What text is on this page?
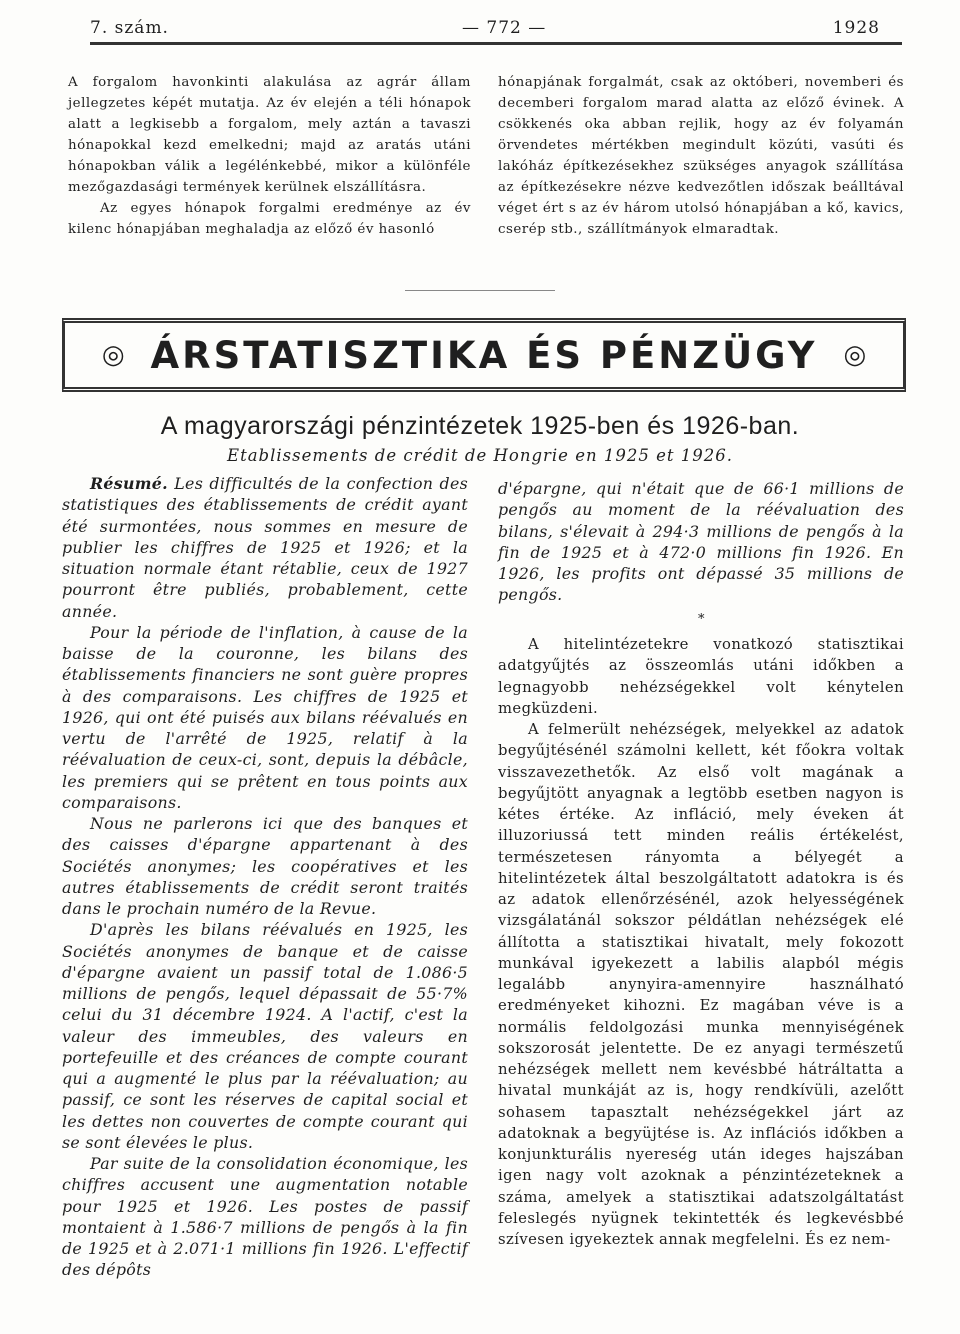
7. szám.	— 772 —	1928

A forgalom havonkinti alakulása az agrár állam jellegzetes képét mutatja. Az év elején a téli hónapok alatt a legkisebb a forgalom, mely aztán a tavaszi hónapokkal kezd emelkedni; majd az aratás utáni hónapokban válik a legélénkebbé, mikor a különféle mezőgazdasági termények kerülnek elszállításra.

Az egyes hónapok forgalmi eredménye az év kilenc hónapjában meghaladja az előző év hasonló

hónapjának forgalmát, csak az októberi, novemberi és decemberi forgalom marad alatta az előző évinek. A csökkenés oka abban rejlik, hogy az év folyamán örvendetes mértékben megindult közúti, vasúti és lakóház építkezésekhez szükséges anyagok szállítása az építkezésekre nézve kedvezőtlen időszak beálltával véget ért s az év három utolsó hónapjában a kő, kavics, cserép stb., szállítmányok elmaradtak.

◎ ÁRSTATISZTIKA ÉS PÉNZÜGY ◎
A magyarországi pénzintézetek 1925-ben és 1926-ban.
Etablissements de crédit de Hongrie en 1925 et 1926.

Résumé. Les difficultés de la confection des statistiques des établissements de crédit ayant été surmontées, nous sommes en mesure de publier les chiffres de 1925 et 1926; et la situation normale étant rétablie, ceux de 1927 pourront être publiés, probablement, cette année.

Pour la période de l'inflation, à cause de la baisse de la couronne, les bilans des établissements financiers ne sont guère propres à des comparaisons. Les chiffres de 1925 et 1926, qui ont été puisés aux bilans réévalués en vertu de l'arrêté de 1925, relatif à la réévaluation de ceux-ci, sont, depuis la débâcle, les premiers qui se prêtent en tous points aux comparaisons.

Nous ne parlerons ici que des banques et des caisses d'épargne appartenant à des Sociétés anonymes; les coopératives et les autres établissements de crédit seront traités dans le prochain numéro de la Revue.

D'après les bilans réévalués en 1925, les Sociétés anonymes de banque et de caisse d'épargne avaient un passif total de 1.086·5 millions de pengős, lequel dépassait de 55·7% celui du 31 décembre 1924. A l'actif, c'est la valeur des immeubles, des valeurs en portefeuille et des créances de compte courant qui a augmenté le plus par la réévaluation; au passif, ce sont les réserves de capital social et les dettes non couvertes de compte courant qui se sont élevées le plus.

Par suite de la consolidation économique, les chiffres accusent une augmentation notable pour 1925 et 1926. Les postes de passif montaient à 1.586·7 millions de pengős à la fin de 1925 et à 2.071·1 millions fin 1926. L'effectif des dépôts

d'épargne, qui n'était que de 66·1 millions de pengős au moment de la réévaluation des bilans, s'élevait à 294·3 millions de pengős à la fin de 1925 et à 472·0 millions fin 1926. En 1926, les profits ont dépassé 35 millions de pengős.

*

A hitelintézetekre vonatkozó statisztikai adatgyűjtés az összeomlás utáni időkben a legnagyobb nehézségekkel volt kénytelen megküzdeni.

A felmerült nehézségek, melyekkel az adatok begyűjtésénél számolni kellett, két főokra voltak visszavezethetők. Az első volt magának a begyűjtött anyagnak a legtöbb esetben nagyon is kétes értéke. Az infláció, mely éveken át illuzoriussá tett minden reális értékelést, természetesen rányomta a bélyegét a hitelintézetek által beszolgáltatott adatokra is és az adatok ellenőrzésénél, azok helyességének vizsgálatánál sokszor példátlan nehézségek elé állította a statisztikai hivatalt, mely fokozott munkával igyekezett a labilis alapból mégis legalább anynyira-amennyire használható eredményeket kihozni. Ez magában véve is a normális feldolgozási munka mennyiségének sokszorosát jelentette. De ez anyagi természetű nehézségek mellett nem kevésbbé hátráltatta a hivatal munkáját az is, hogy rendkívüli, azelőtt sohasem tapasztalt nehézségekkel járt az adatoknak a begyüjtése is. Az inflációs időkben a konjunkturális nyereség után ideges hajszában igen nagy volt azoknak a pénzintézeteknek a száma, amelyek a statisztikai adatszolgáltatást feleslegés nyügnek tekintették és legkevésbbé szívesen igyekeztek annak megfelelni. És ez nem-
